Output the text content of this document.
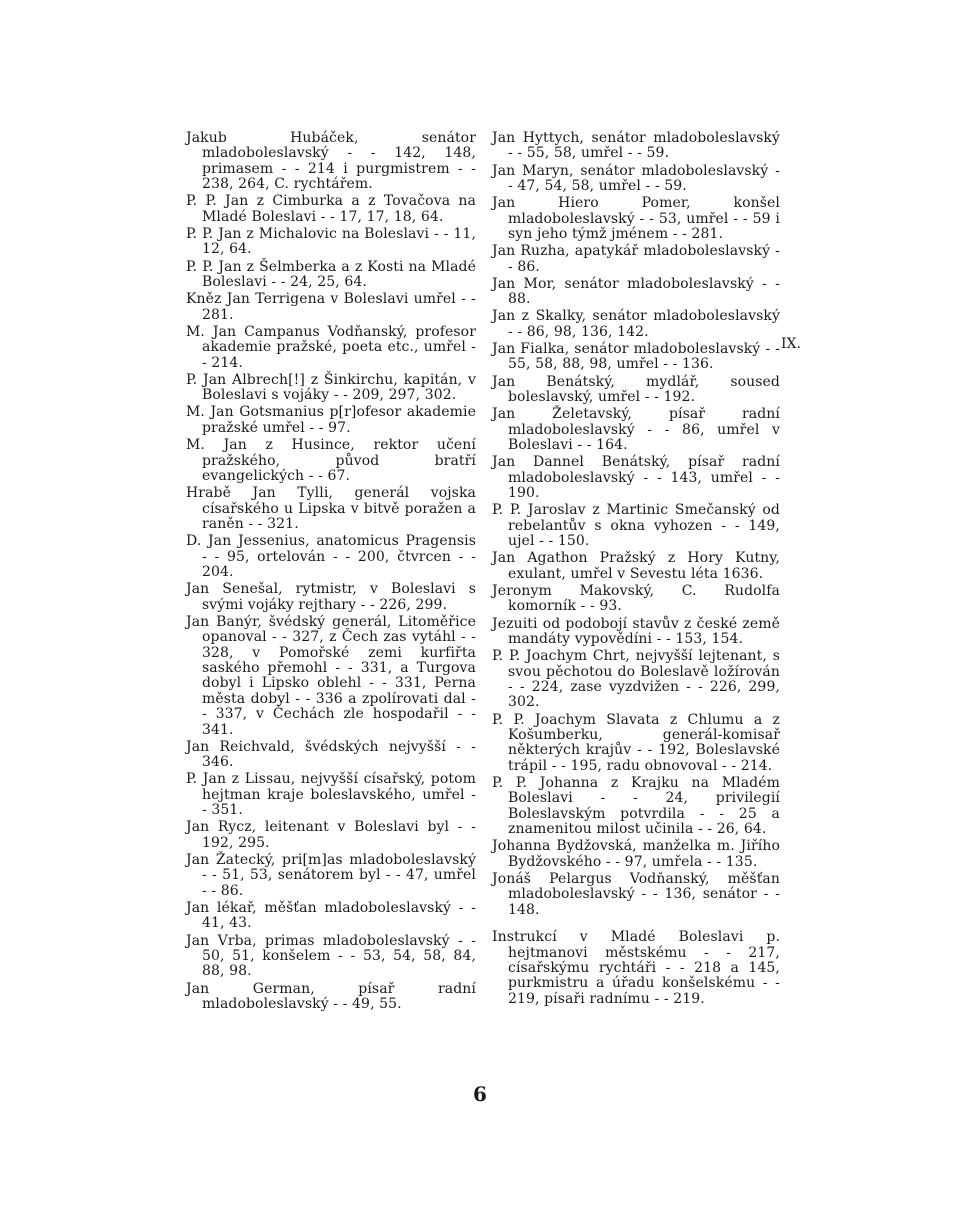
Jakub Hubáček, senátor mladoboleslavský - - 142, 148, primasem - - 214 i purgmistrem - - 238, 264, C. rychtářem.

P. P. Jan z Cimburka a z Tovačova na Mladé Boleslavi - - 17, 17, 18, 64.

P. P. Jan z Michalovic na Boleslavi - - 11, 12, 64.

P. P. Jan z Šelmberka a z Kosti na Mladé Boleslavi - - 24, 25, 64.

Kněz Jan Terrigena v Boleslavi umřel - - 281.

M. Jan Campanus Vodňanský, profesor akademie pražské, poeta etc., umřel - - 214.

P. Jan Albrech[!] z Šinkirchu, kapitán, v Boleslavi s vojáky - - 209, 297, 302.

M. Jan Gotsmanius p[r]ofesor akademie pražské umřel - - 97.

M. Jan z Husince, rektor učení pražského, původ bratří evangelických - - 67.

Hrabě Jan Tylli, generál vojska císařského u Lipska v bitvě poražen a raněn - - 321.

D. Jan Jessenius, anatomicus Pragensis - - 95, ortelován - - 200, čtvrcen - - 204.

Jan Senešal, rytmistr, v Boleslavi s svými vojáky rejthary - - 226, 299.

Jan Banýr, švédský generál, Litoměřice opanoval - - 327, z Čech zas vytáhl - - 328, v Pomořské zemi kurfiřta saského přemohl - - 331, a Turgova dobyl i Lipsko oblehl - - 331, Perna města dobyl - - 336 a zpolírovati dal - - 337, v Čechách zle hospodařil - - 341.

Jan Reichvald, švédských nejvyšší - - 346.

P. Jan z Lissau, nejvyšší císařský, potom hejtman kraje boleslavského, umřel - - 351.

Jan Rycz, leitenant v Boleslavi byl - - 192, 295.

Jan Žatecký, pri[m]as mladoboleslavský - - 51, 53, senátorem byl - - 47, umřel - - 86.

Jan lékař, měšťan mladoboleslavský - - 41, 43.

Jan Vrba, primas mladoboleslavský - - 50, 51, konšelem - - 53, 54, 58, 84, 88, 98.

Jan German, písař radní mladoboleslavský - - 49, 55.

Jan Hyttych, senátor mladoboleslavský - - 55, 58, umřel - - 59.

Jan Maryn, senátor mladoboleslavský - - 47, 54, 58, umřel - - 59.

Jan Hiero Pomer, konšel mladoboleslavský - - 53, umřel - - 59 i syn jeho týmž jménem - - 281.

Jan Ruzha, apatykář mladoboleslavský - - 86.

Jan Mor, senátor mladoboleslavský - - 88.

Jan z Skalky, senátor mladoboleslavský - - 86, 98, 136, 142.

Jan Fialka, senátor mladoboleslavský - - 55, 58, 88, 98, umřel - - 136.

Jan Benátský, mydlář, soused boleslavský, umřel - - 192.

Jan Želetavský, písař radní mladoboleslavský - - 86, umřel v Boleslavi - - 164.

Jan Dannel Benátský, písař radní mladoboleslavský - - 143, umřel - - 190.

P. P. Jaroslav z Martinic Smečanský od rebelantův s okna vyhozen - - 149, ujel - - 150.

Jan Agathon Pražský z Hory Kutny, exulant, umřel v Sevestu léta 1636.

Jeronym Makovský, C. Rudolfa komorník - - 93.

Jezuiti od podobojí stavův z české země mandáty vypovědíni - - 153, 154.

P. P. Joachym Chrt, nejvyšší lejtenant, s svou pěchotou do Boleslavě ložírován - - 224, zase vyzdvižen - - 226, 299, 302.

P. P. Joachym Slavata z Chlumu a z Košumberku, generál-komisař některých krajův - - 192, Boleslavské trápil - - 195, radu obnovoval - - 214.

P. P. Johanna z Krajku na Mladém Boleslavi - - 24, privilegií Boleslavským potvrdila - - 25 a znamenitou milost učinila - - 26, 64.

Johanna Bydžovská, manželka m. Jiřího Bydžovského - - 97, umřela - - 135.

Jonáš Pelargus Vodňanský, měšťan mladoboleslavský - - 136, senátor - - 148.

Instrukcí v Mladé Boleslavi p. hejtmanovi městskému - - 217, císařskýmu rychtáři - - 218 a 145, purkmistru a úřadu konšelskému - - 219, písaři radnímu - - 219.

IX.
6
